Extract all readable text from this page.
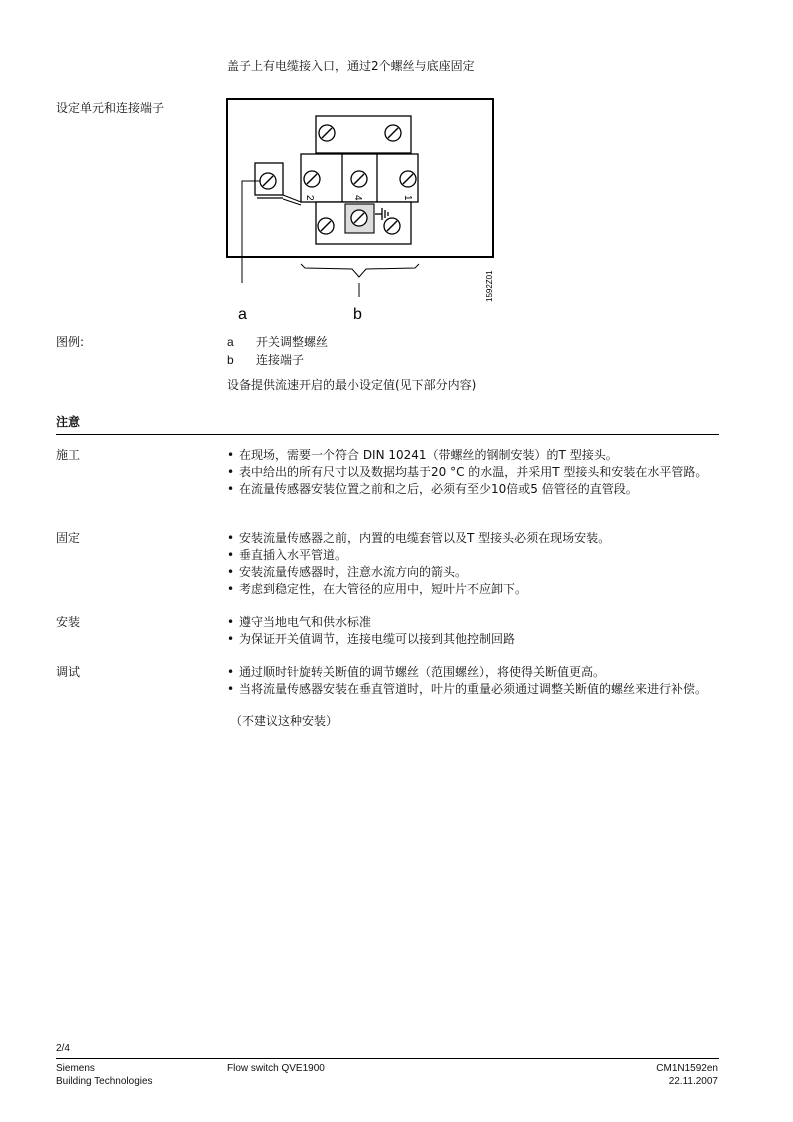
盖子上有电缆接入口，通过2个螺丝与底座固定
设定单元和连接端子
2	4	1
a	b
1592Z01
图例:	a 开关调整螺丝
b 连接端子
设备提供流速开启的最小设定值(见下部分内容)
注意
施工	• 在现场，需要一个符合 DIN 10241（带螺丝的钢制安装）的T 型接头。
• 表中给出的所有尺寸以及数据均基于20 °C 的水温，并采用T 型接头和安装在水平管路。
• 在流量传感器安装位置之前和之后，必须有至少10倍或5 倍管径的直管段。
固定	• 安装流量传感器之前，内置的电缆套管以及T 型接头必须在现场安装。
• 垂直插入水平管道。
• 安装流量传感器时，注意水流方向的箭头。
• 考虑到稳定性，在大管径的应用中，短叶片不应卸下。
安装	• 遵守当地电气和供水标准
• 为保证开关值调节，连接电缆可以接到其他控制回路
调试	• 通过顺时针旋转关断值的调节螺丝（范围螺丝），将使得关断值更高。
• 当将流量传感器安装在垂直管道时，叶片的重量必须通过调整关断值的螺丝来进行补偿。
（不建议这种安装）
2/4
Siemens
Building Technologies
Flow switch QVE1900	CM1N1592en
22.11.2007
